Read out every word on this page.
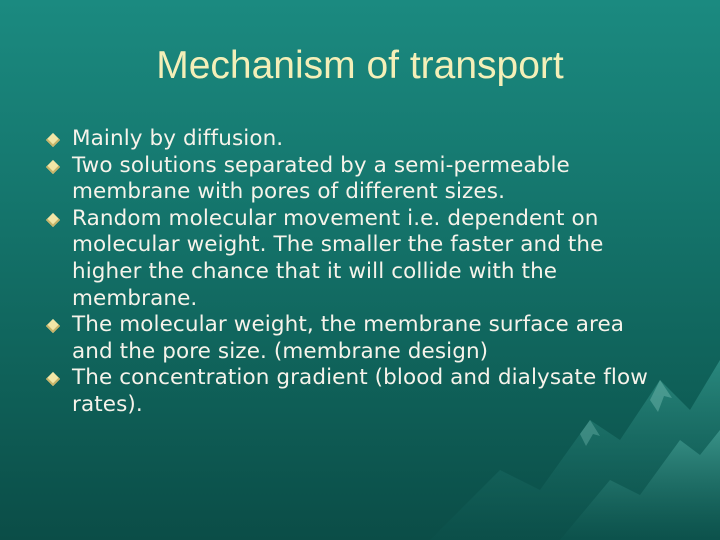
Mechanism of transport
Mainly by diffusion.
Two solutions separated by a semi-permeable membrane with pores of different sizes.
Random molecular movement i.e. dependent on molecular weight. The smaller the faster and the higher the chance that it will collide with the membrane.
The molecular weight, the membrane surface area and the pore size. (membrane design)
The concentration gradient (blood and dialysate flow rates).
